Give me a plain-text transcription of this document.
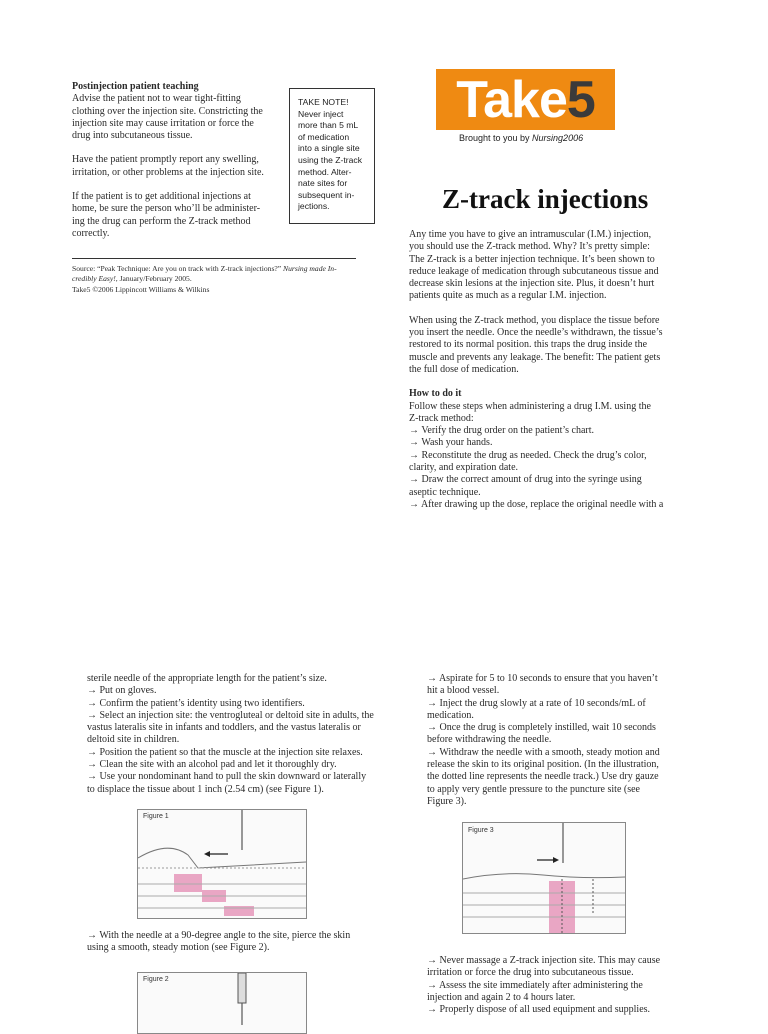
Postinjection patient teaching

Advise the patient not to wear tight-fitting

clothing over the injection site. Constricting the

injection site may cause irritation or force the

drug into subcutaneous tissue.

Have the patient promptly report any swelling,

irritation, or other problems at the injection site.

If the patient is to get additional injections at

home, be sure the person who’ll be administer-

ing the drug can perform the Z-track method

correctly.

TAKE NOTE!
Never inject
more than 5 mL
of medication
into a single site
using the Z-track
method. Alter-
nate sites for
subsequent in-
jections.
Source: “Peak Technique: Are you on track with Z-track injections?” Nursing made In-
credibly Easy!, January/February 2005.
Take5 ©2006 Lippincott Williams & Wilkins
Take 5
Brought to you by Nursing2006
Z-track injections

Any time you have to give an intramuscular (I.M.) injection,

you should use the Z-track method. Why? It’s pretty simple:

The Z-track is a better injection technique. It’s been shown to

reduce leakage of medication through subcutaneous tissue and

decrease skin lesions at the injection site. Plus, it doesn’t hurt

patients quite as much as a regular I.M. injection.

When using the Z-track method, you displace the tissue before

you insert the needle. Once the needle’s withdrawn, the tissue’s

restored to its normal position. this traps the drug inside the

muscle and prevents any leakage. The benefit: The patient gets

the full dose of medication.

How to do it

Follow these steps when administering a drug I.M. using the

Z-track method:

→ Verify the drug order on the patient’s chart.

→ Wash your hands.

→ Reconstitute the drug as needed. Check the drug’s color,

clarity, and expiration date.

→ Draw the correct amount of drug into the syringe using

aseptic technique.

→ After drawing up the dose, replace the original needle with a

sterile needle of the appropriate length for the patient’s size.

→ Put on gloves.

→ Confirm the patient’s identity using two identifiers.

→ Select an injection site: the ventrogluteal or deltoid site in adults, the

vastus lateralis site in infants and toddlers, and the vastus lateralis or

deltoid site in children.

→ Position the patient so that the muscle at the injection site relaxes.

→ Clean the site with an alcohol pad and let it thoroughly dry.

→ Use your nondominant hand to pull the skin downward or laterally

to displace the tissue about 1 inch (2.54 cm) (see Figure 1).

Figure 1

→ With the needle at a 90-degree angle to the site, pierce the skin

using a smooth, steady motion (see Figure 2).

Figure 2

→ Aspirate for 5 to 10 seconds to ensure that you haven’t

hit a blood vessel.

→ Inject the drug slowly at a rate of 10 seconds/mL of

medication.

→ Once the drug is completely instilled, wait 10 seconds

before withdrawing the needle.

→ Withdraw the needle with a smooth, steady motion and

release the skin to its original position. (In the illustration,

the dotted line represents the needle track.) Use dry gauze

to apply very gentle pressure to the puncture site (see

Figure 3).

Figure 3

→ Never massage a Z-track injection site. This may cause

irritation or force the drug into subcutaneous tissue.

→ Assess the site immediately after administering the

injection and again 2 to 4 hours later.

→ Properly dispose of all used equipment and supplies.
